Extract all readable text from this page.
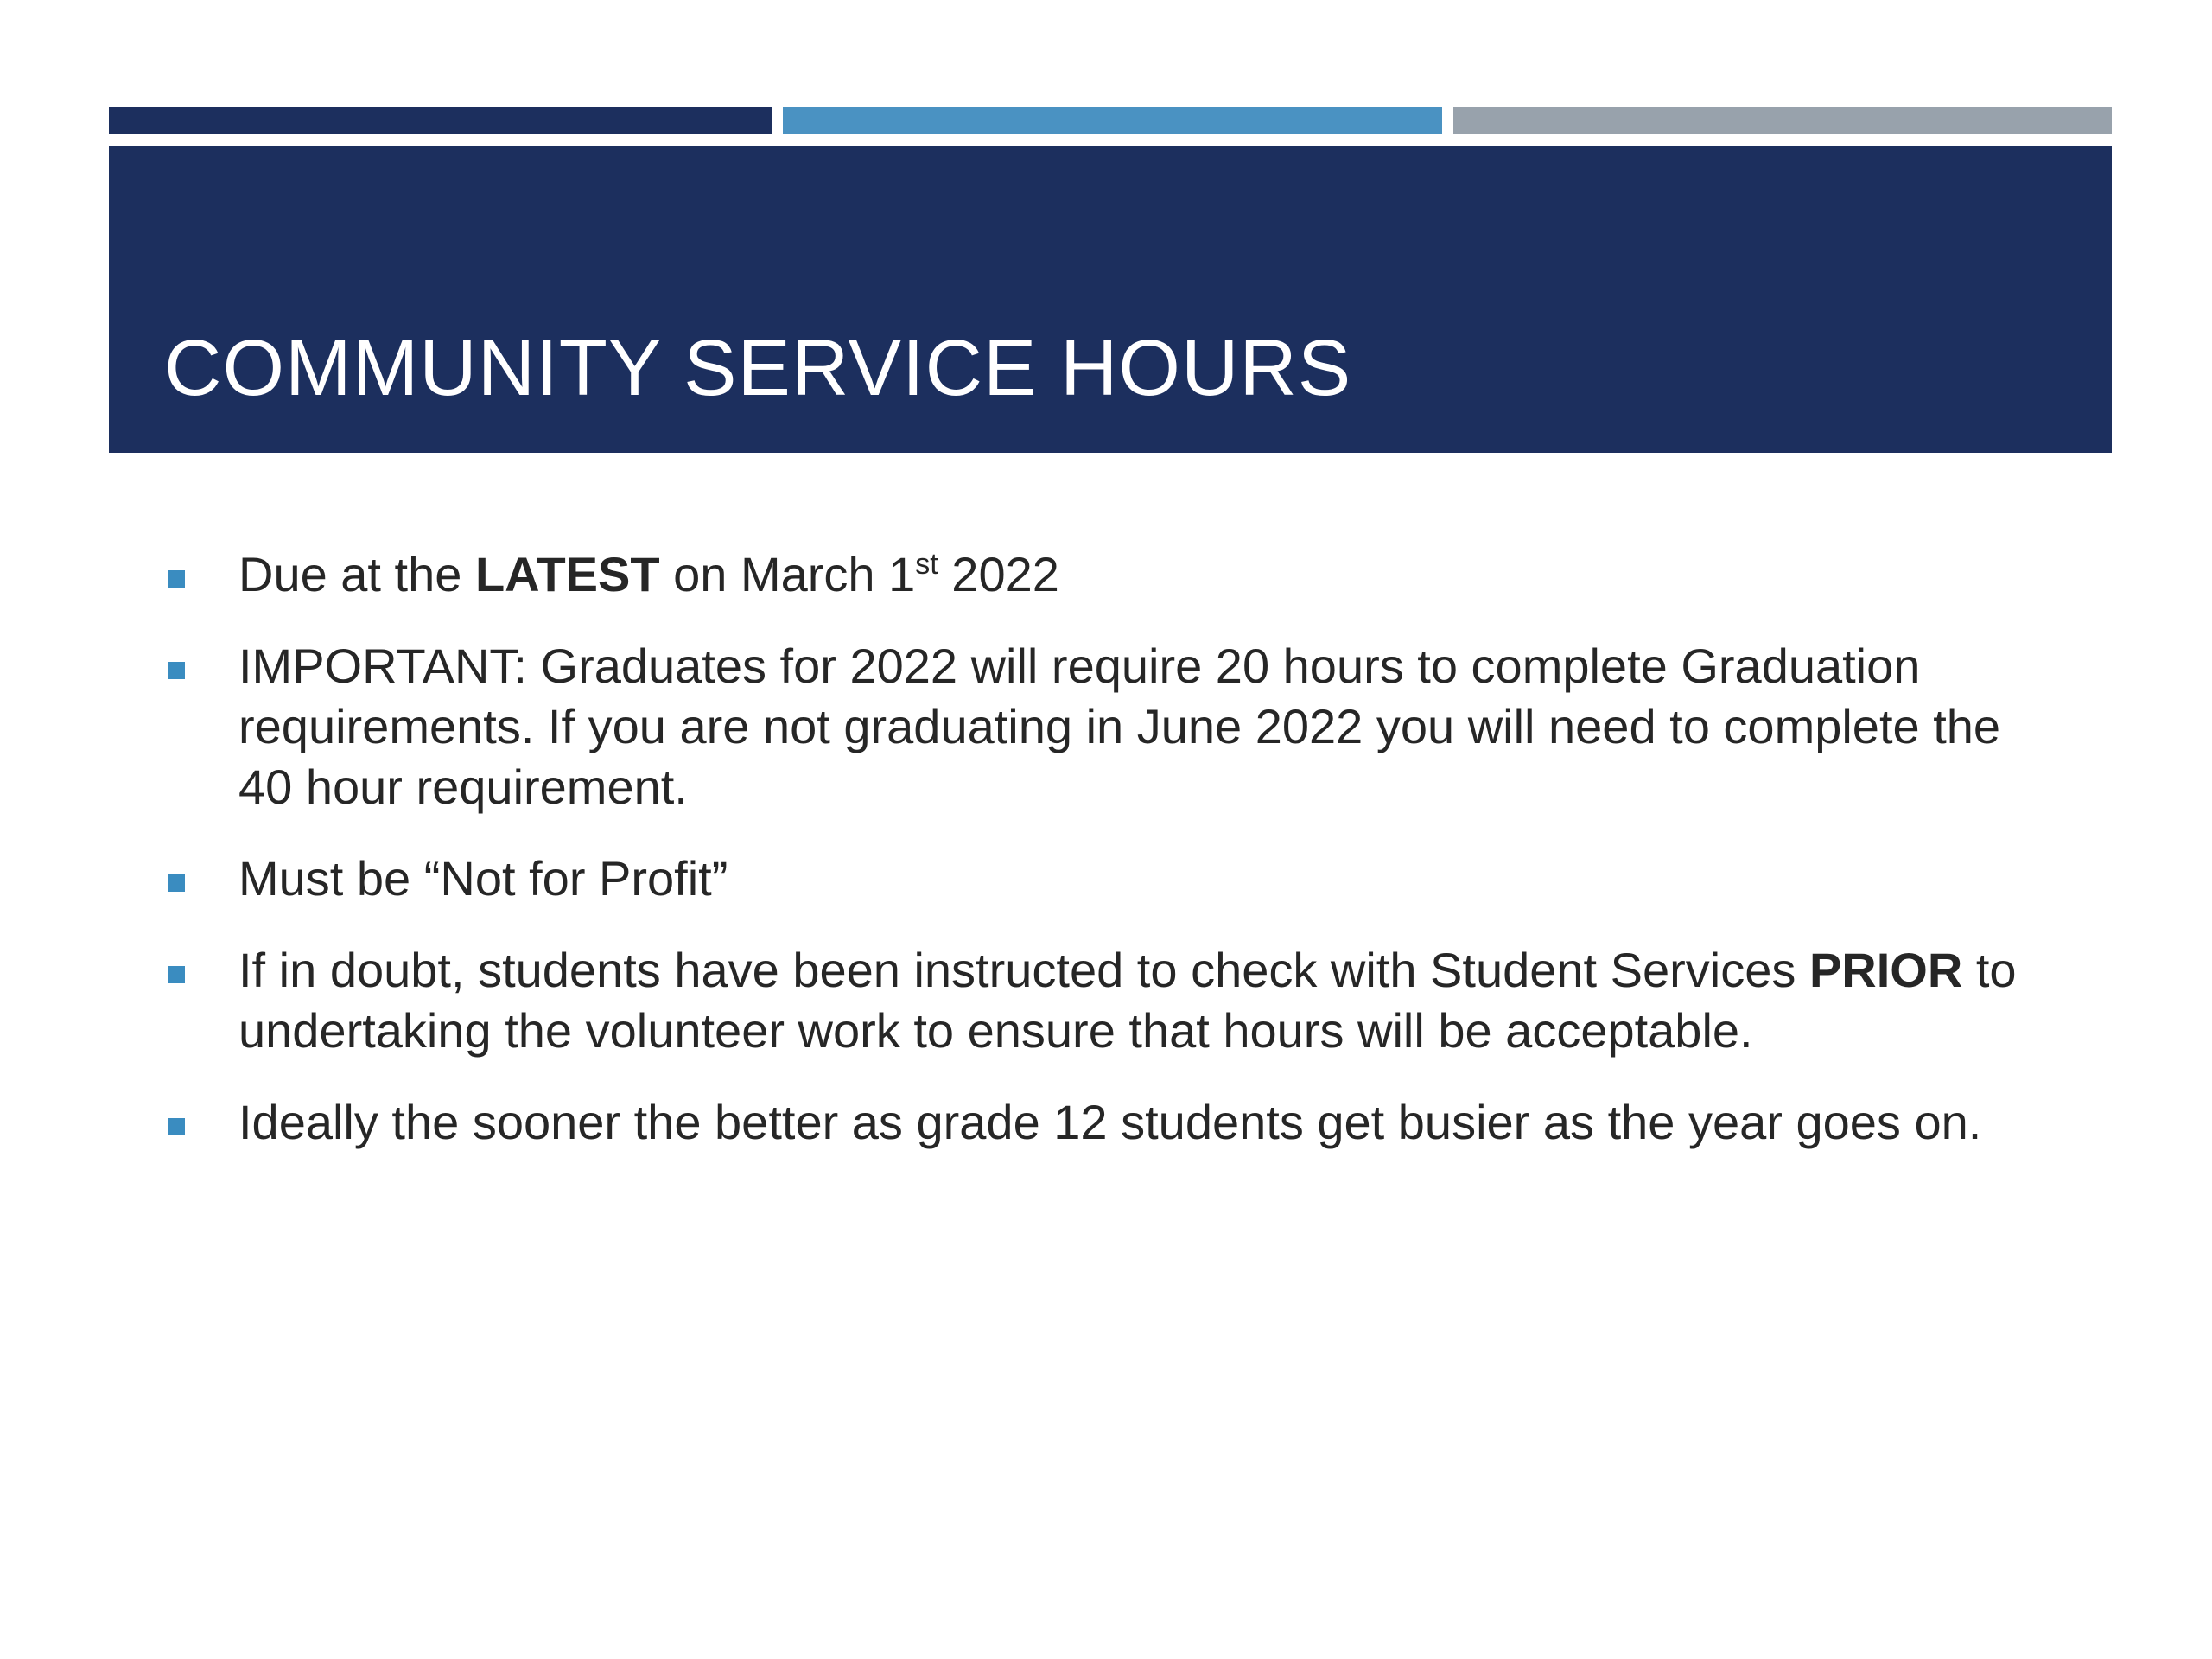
COMMUNITY SERVICE HOURS
Due at the LATEST on March 1st 2022
IMPORTANT: Graduates for 2022 will require 20 hours to complete Graduation requirements. If you are not graduating in June 2022 you will need to complete the 40 hour requirement.
Must be “Not for Profit”
If in doubt, students have been instructed to check with Student Services PRIOR to undertaking the volunteer work to ensure that hours will be acceptable.
Ideally the sooner the better as grade 12 students get busier as the year goes on.
